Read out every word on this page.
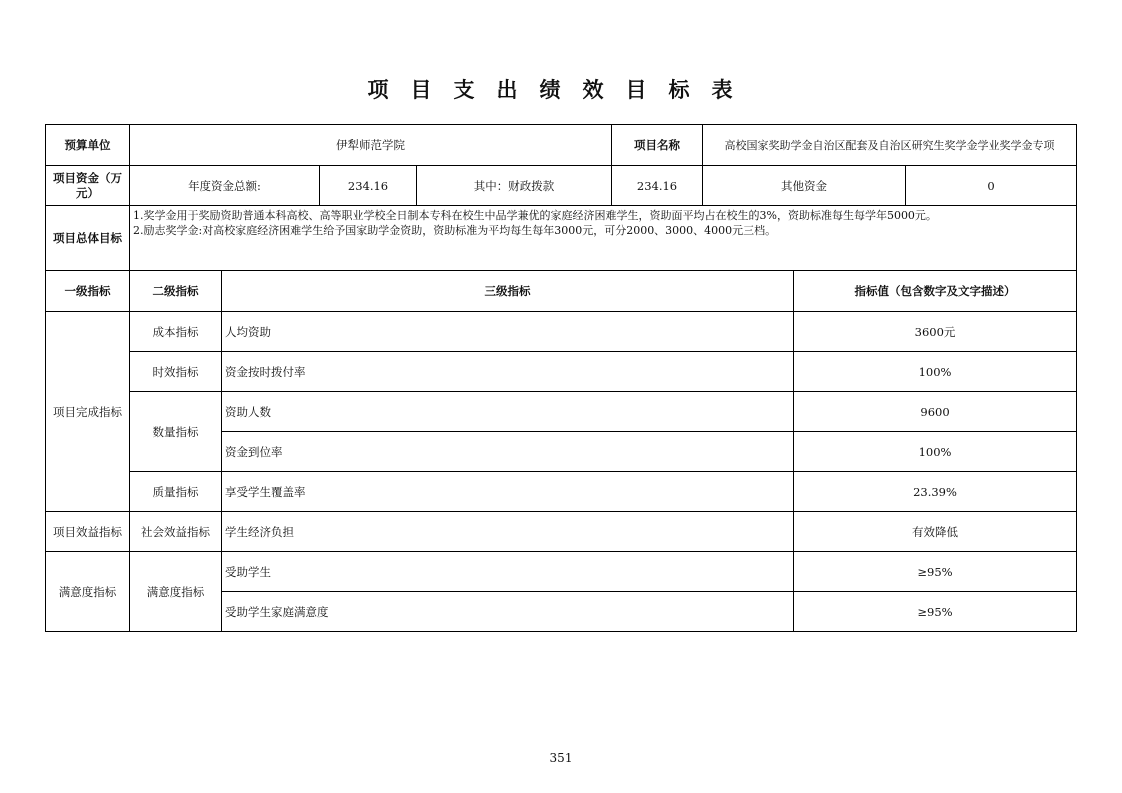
项目支出绩效目标表
预算单位	伊犁师范学院				项目名称	高校国家奖助学金自治区配套及自治区研究生奖学金学业奖学金专项		
项目资金（万元）	年度资金总额:		234.16	其中：财政拨款	234.16	其他资金		0
项目总体目标	1.奖学金用于奖励资助普通本科高校、高等职业学校全日制本专科在校生中品学兼优的家庭经济困难学生，资助面平均占在校生的3%，资助标准每生每学年5000元。
2.励志奖学金:对高校家庭经济困难学生给予国家助学金资助，资助标准为平均每生每年3000元，可分2000、3000、4000元三档。							

一级指标	二级指标	三级指标					指标值（包含数字及文字描述）	
项目完成指标	成本指标	人均资助					3600元	
	时效指标	资金按时拨付率					100%	
	数量指标	资助人数					9600	
		资金到位率					100%	
	质量指标	享受学生覆盖率					23.39%	
项目效益指标	社会效益指标	学生经济负担					有效降低	
满意度指标	满意度指标	受助学生					≥95%	
		受助学生家庭满意度					≥95%	
351
